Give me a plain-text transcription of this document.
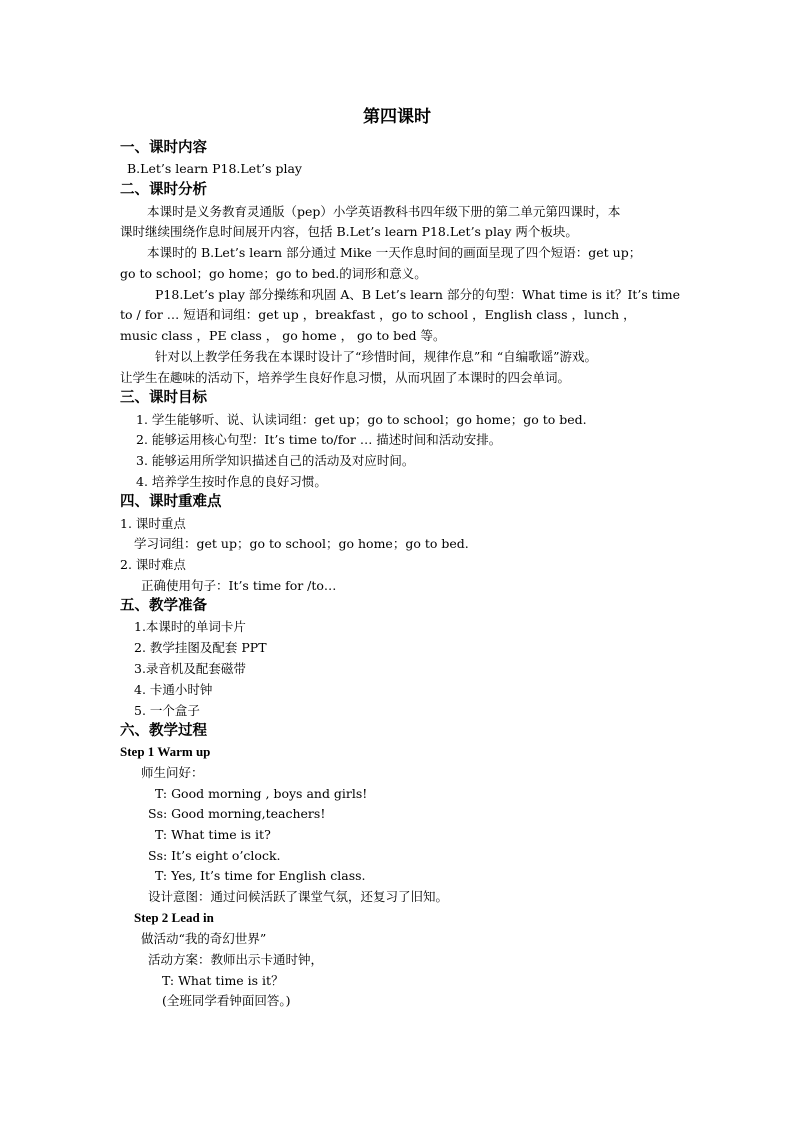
第四课时
一、课时内容
B.Let’s learn P18.Let’s play
二、课时分析
本课时是义务教育灵通版（pep）小学英语教科书四年级下册的第二单元第四课时，本
课时继续围绕作息时间展开内容，包括 B.Let’s learn P18.Let’s play 两个板块。
本课时的 B.Let’s learn 部分通过 Mike 一天作息时间的画面呈现了四个短语：get up；
go to school；go home；go to bed.的词形和意义。
P18.Let’s play 部分操练和巩固 A、B Let’s learn 部分的句型：What time is it？It’s time
to / for … 短语和词组：get up ，breakfast ，go to school ，English class ，lunch ，
music class ，PE class ， go home ， go to bed 等。
针对以上教学任务我在本课时设计了“珍惜时间，规律作息”和 “自编歌谣”游戏。
让学生在趣味的活动下，培养学生良好作息习惯，从而巩固了本课时的四会单词。
三、课时目标
1. 学生能够听、说、认读词组：get up；go to school；go home；go to bed.
2. 能够运用核心句型：It’s time to/for … 描述时间和活动安排。
3. 能够运用所学知识描述自己的活动及对应时间。
4. 培养学生按时作息的良好习惯。
四、课时重难点
1. 课时重点
学习词组：get up；go to school；go home；go to bed.
2. 课时难点
正确使用句子：It’s time for /to…
五、教学准备
1.本课时的单词卡片
2. 教学挂图及配套 PPT
3.录音机及配套磁带
4. 卡通小时钟
5. 一个盒子
六、教学过程
Step 1 Warm up
师生问好：
T: Good morning , boys and girls!
Ss: Good morning,teachers!
T: What time is it?
Ss: It’s eight o’clock.
T: Yes, It’s time for English class.
设计意图：通过问候活跃了课堂气氛，还复习了旧知。
Step 2 Lead in
做活动“我的奇幻世界”
活动方案：教师出示卡通时钟，
T: What time is it？
(全班同学看钟面回答。)
